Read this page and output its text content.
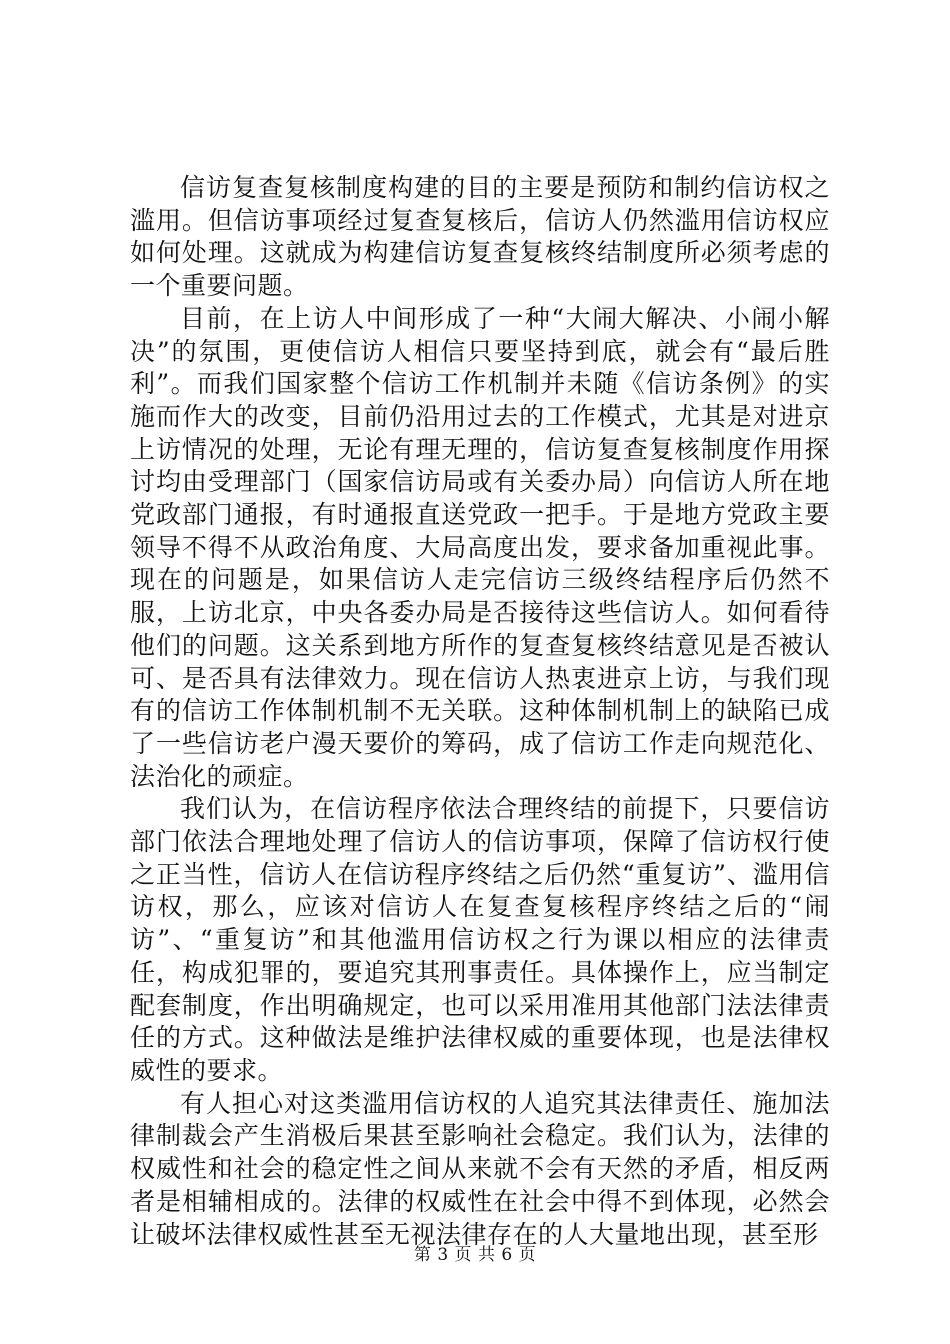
信访复查复核制度构建的目的主要是预防和制约信访权之滥用。但信访事项经过复查复核后，信访人仍然滥用信访权应如何处理。这就成为构建信访复查复核终结制度所必须考虑的一个重要问题。

目前，在上访人中间形成了一种“大闹大解决、小闹小解决”的氛围，更使信访人相信只要坚持到底，就会有“最后胜利”。而我们国家整个信访工作机制并未随《信访条例》的实施而作大的改变，目前仍沿用过去的工作模式，尤其是对进京上访情况的处理，无论有理无理的，信访复查复核制度作用探讨均由受理部门（国家信访局或有关委办局）向信访人所在地党政部门通报，有时通报直送党政一把手。于是地方党政主要领导不得不从政治角度、大局高度出发，要求备加重视此事。现在的问题是，如果信访人走完信访三级终结程序后仍然不服，上访北京，中央各委办局是否接待这些信访人。如何看待他们的问题。这关系到地方所作的复查复核终结意见是否被认可、是否具有法律效力。现在信访人热衷进京上访，与我们现有的信访工作体制机制不无关联。这种体制机制上的缺陷已成了一些信访老户漫天要价的筹码，成了信访工作走向规范化、法治化的顽症。

我们认为，在信访程序依法合理终结的前提下，只要信访部门依法合理地处理了信访人的信访事项，保障了信访权行使之正当性，信访人在信访程序终结之后仍然“重复访”、滥用信访权，那么，应该对信访人在复查复核程序终结之后的“闹访”、“重复访”和其他滥用信访权之行为课以相应的法律责任，构成犯罪的，要追究其刑事责任。具体操作上，应当制定配套制度，作出明确规定，也可以采用准用其他部门法法律责任的方式。这种做法是维护法律权威的重要体现，也是法律权威性的要求。

有人担心对这类滥用信访权的人追究其法律责任、施加法律制裁会产生消极后果甚至影响社会稳定。我们认为，法律的权威性和社会的稳定性之间从来就不会有天然的矛盾，相反两者是相辅相成的。法律的权威性在社会中得不到体现，必然会让破坏法律权威性甚至无视法律存在的人大量地出现，甚至形

第 3 页 共 6 页
